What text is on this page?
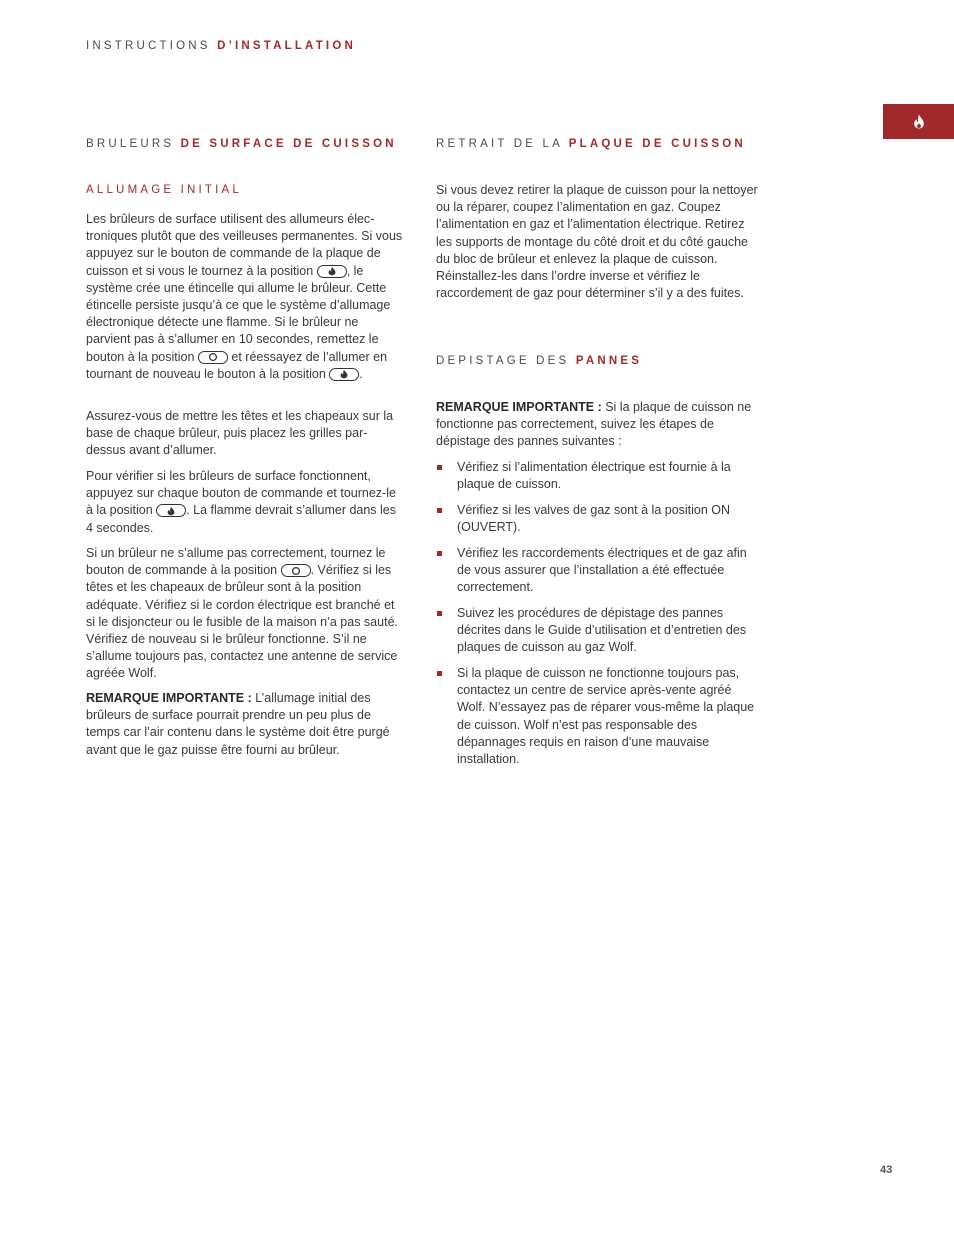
INSTRUCTIONS D’INSTALLATION
BRULEURS DE SURFACE DE CUISSON
ALLUMAGE INITIAL

Les brûleurs de surface utilisent des allumeurs électroniques plutôt que des veilleuses permanentes. Si vous appuyez sur le bouton de commande de la plaque de cuisson et si vous le tournez à la position	, le système crée une étincelle qui allume le brûleur. Cette étincelle persiste jusqu’à ce que le système d’allumage électronique détecte une flamme. Si le brûleur ne parvient pas à s’allumer en 10 secondes, remettez le bouton à la position	et réessayez de l’allumer en tournant de nouveau le bouton à la position	.

Assurez-vous de mettre les têtes et les chapeaux sur la base de chaque brûleur, puis placez les grilles par-dessus avant d’allumer.

Pour vérifier si les brûleurs de surface fonctionnent, appuyez sur chaque bouton de commande et tournez-le à la position	. La flamme devrait s’allumer dans les 4 secondes.

Si un brûleur ne s’allume pas correctement, tournez le bouton de commande à la position	. Vérifiez si les têtes et les chapeaux de brûleur sont à la position adéquate. Vérifiez si le cordon électrique est branché et si le disjoncteur ou le fusible de la maison n’a pas sauté. Vérifiez de nouveau si le brûleur fonctionne. S’il ne s’allume toujours pas, contactez une antenne de service agréée Wolf.

REMARQUE IMPORTANTE : L’allumage initial des brûleurs de surface pourrait prendre un peu plus de temps car l’air contenu dans le système doit être purgé avant que le gaz puisse être fourni au brûleur.

RETRAIT DE LA PLAQUE DE CUISSON

Si vous devez retirer la plaque de cuisson pour la nettoyer ou la réparer, coupez l’alimentation en gaz. Coupez l’alimentation en gaz et l’alimentation électrique. Retirez les supports de montage du côté droit et du côté gauche du bloc de brûleur et enlevez la plaque de cuisson. Réinstallez-les dans l’ordre inverse et vérifiez le raccordement de gaz pour déterminer s’il y a des fuites.

DEPISTAGE DES PANNES

REMARQUE IMPORTANTE : Si la plaque de cuisson ne fonctionne pas correctement, suivez les étapes de dépistage des pannes suivantes :

Vérifiez si l’alimentation électrique est fournie à la plaque de cuisson.
Vérifiez si les valves de gaz sont à la position ON (OUVERT).
Vérifiez les raccordements électriques et de gaz afin de vous assurer que l’installation a été effectuée correctement.
Suivez les procédures de dépistage des pannes décrites dans le Guide d’utilisation et d’entretien des plaques de cuisson au gaz Wolf.
Si la plaque de cuisson ne fonctionne toujours pas, contactez un centre de service après-vente agréé Wolf. N’essayez pas de réparer vous-même la plaque de cuisson. Wolf n’est pas responsable des dépannages requis en raison d’une mauvaise installation.
43
